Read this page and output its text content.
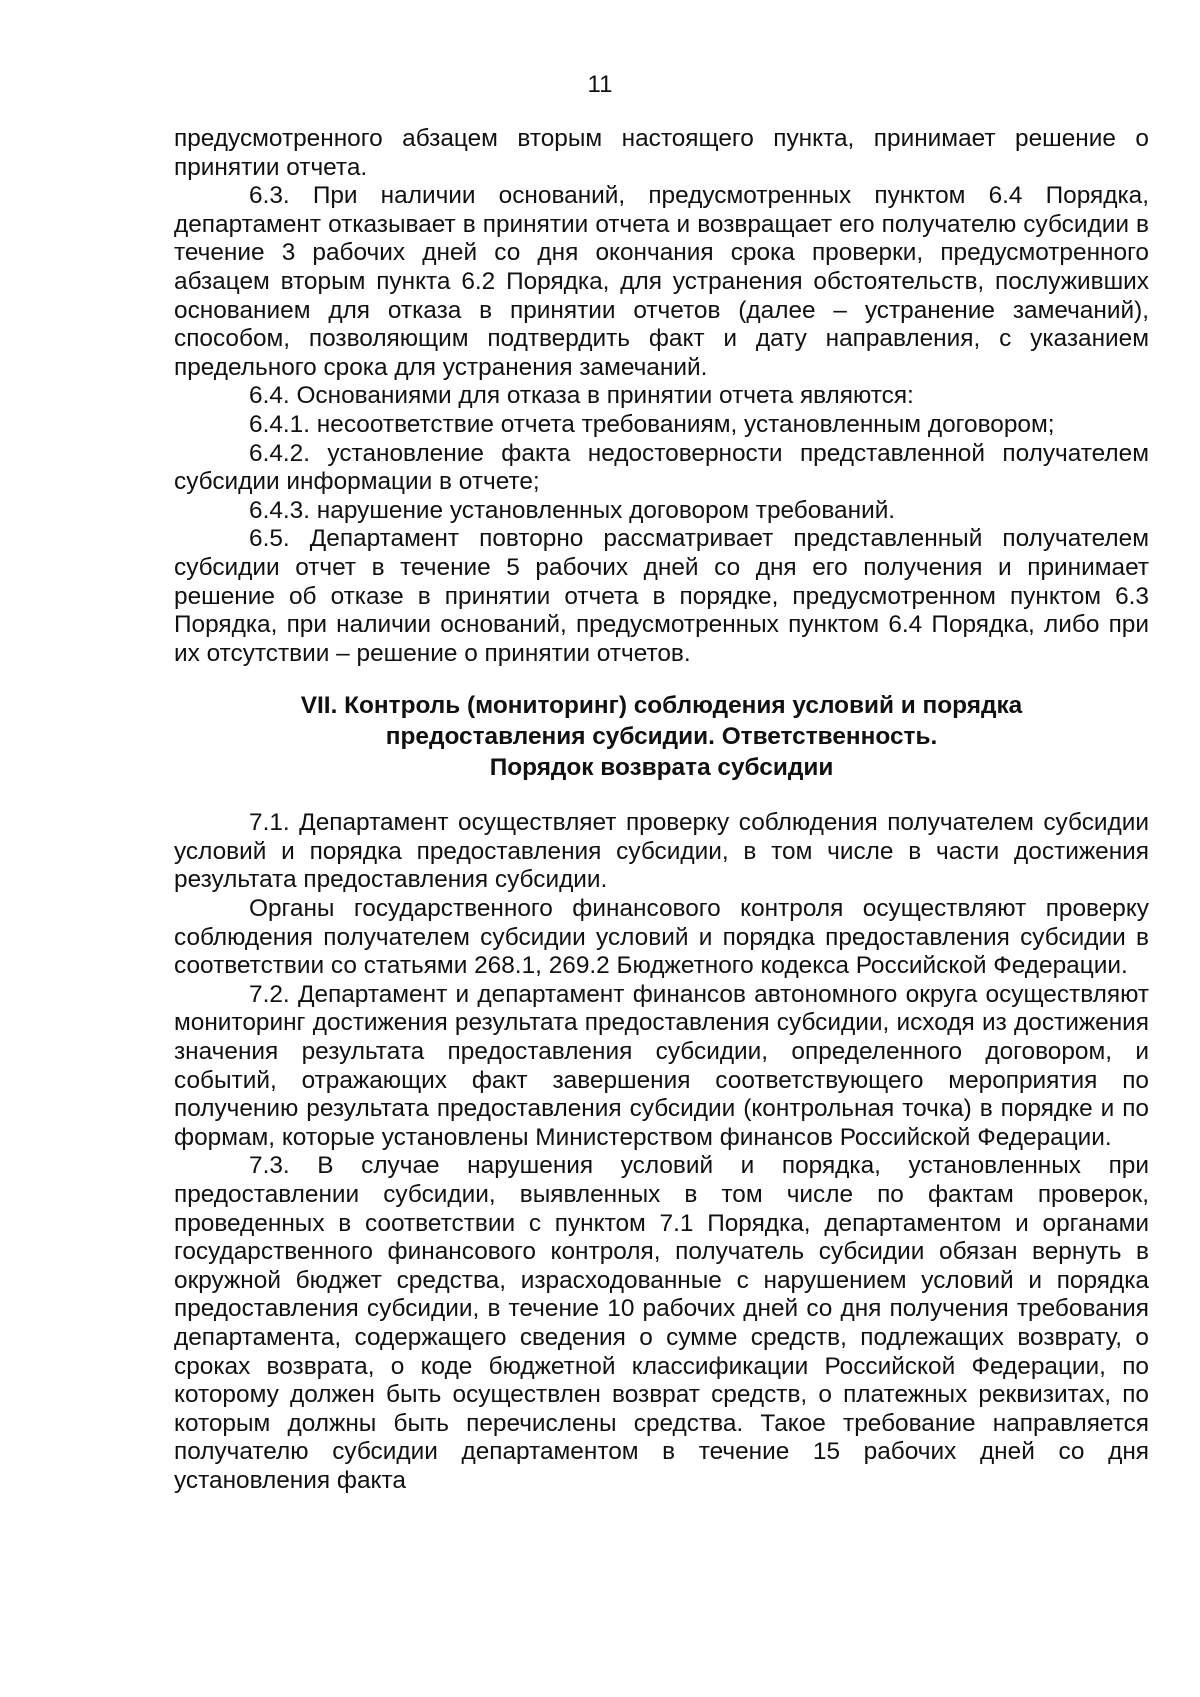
11

предусмотренного абзацем вторым настоящего пункта, принимает решение о принятии отчета.

6.3. При наличии оснований, предусмотренных пунктом 6.4 Порядка, департамент отказывает в принятии отчета и возвращает его получателю субсидии в течение 3 рабочих дней со дня окончания срока проверки, предусмотренного абзацем вторым пункта 6.2 Порядка, для устранения обстоятельств, послуживших основанием для отказа в принятии отчетов (далее – устранение замечаний), способом, позволяющим подтвердить факт и дату направления, с указанием предельного срока для устранения замечаний.

6.4. Основаниями для отказа в принятии отчета являются:

6.4.1. несоответствие отчета требованиям, установленным договором;

6.4.2. установление факта недостоверности представленной получателем субсидии информации в отчете;

6.4.3. нарушение установленных договором требований.

6.5. Департамент повторно рассматривает представленный получателем субсидии отчет в течение 5 рабочих дней со дня его получения и принимает решение об отказе в принятии отчета в порядке, предусмотренном пунктом 6.3 Порядка, при наличии оснований, предусмотренных пунктом 6.4 Порядка, либо при их отсутствии – решение о принятии отчетов.

VII. Контроль (мониторинг) соблюдения условий и порядка
предоставления субсидии. Ответственность.
Порядок возврата субсидии

7.1. Департамент осуществляет проверку соблюдения получателем субсидии условий и порядка предоставления субсидии, в том числе в части достижения результата предоставления субсидии.

Органы государственного финансового контроля осуществляют проверку соблюдения получателем субсидии условий и порядка предоставления субсидии в соответствии со статьями 268.1, 269.2 Бюджетного кодекса Российской Федерации.

7.2. Департамент и департамент финансов автономного округа осуществляют мониторинг достижения результата предоставления субсидии, исходя из достижения значения результата предоставления субсидии, определенного договором, и событий, отражающих факт завершения соответствующего мероприятия по получению результата предоставления субсидии (контрольная точка) в порядке и по формам, которые установлены Министерством финансов Российской Федерации.

7.3. В случае нарушения условий и порядка, установленных при предоставлении субсидии, выявленных в том числе по фактам проверок, проведенных в соответствии с пунктом 7.1 Порядка, департаментом и органами государственного финансового контроля, получатель субсидии обязан вернуть в окружной бюджет средства, израсходованные с нарушением условий и порядка предоставления субсидии, в течение 10 рабочих дней со дня получения требования департамента, содержащего сведения о сумме средств, подлежащих возврату, о сроках возврата, о коде бюджетной классификации Российской Федерации, по которому должен быть осуществлен возврат средств, о платежных реквизитах, по которым должны быть перечислены средства. Такое требование направляется получателю субсидии департаментом в течение 15 рабочих дней со дня установления факта
